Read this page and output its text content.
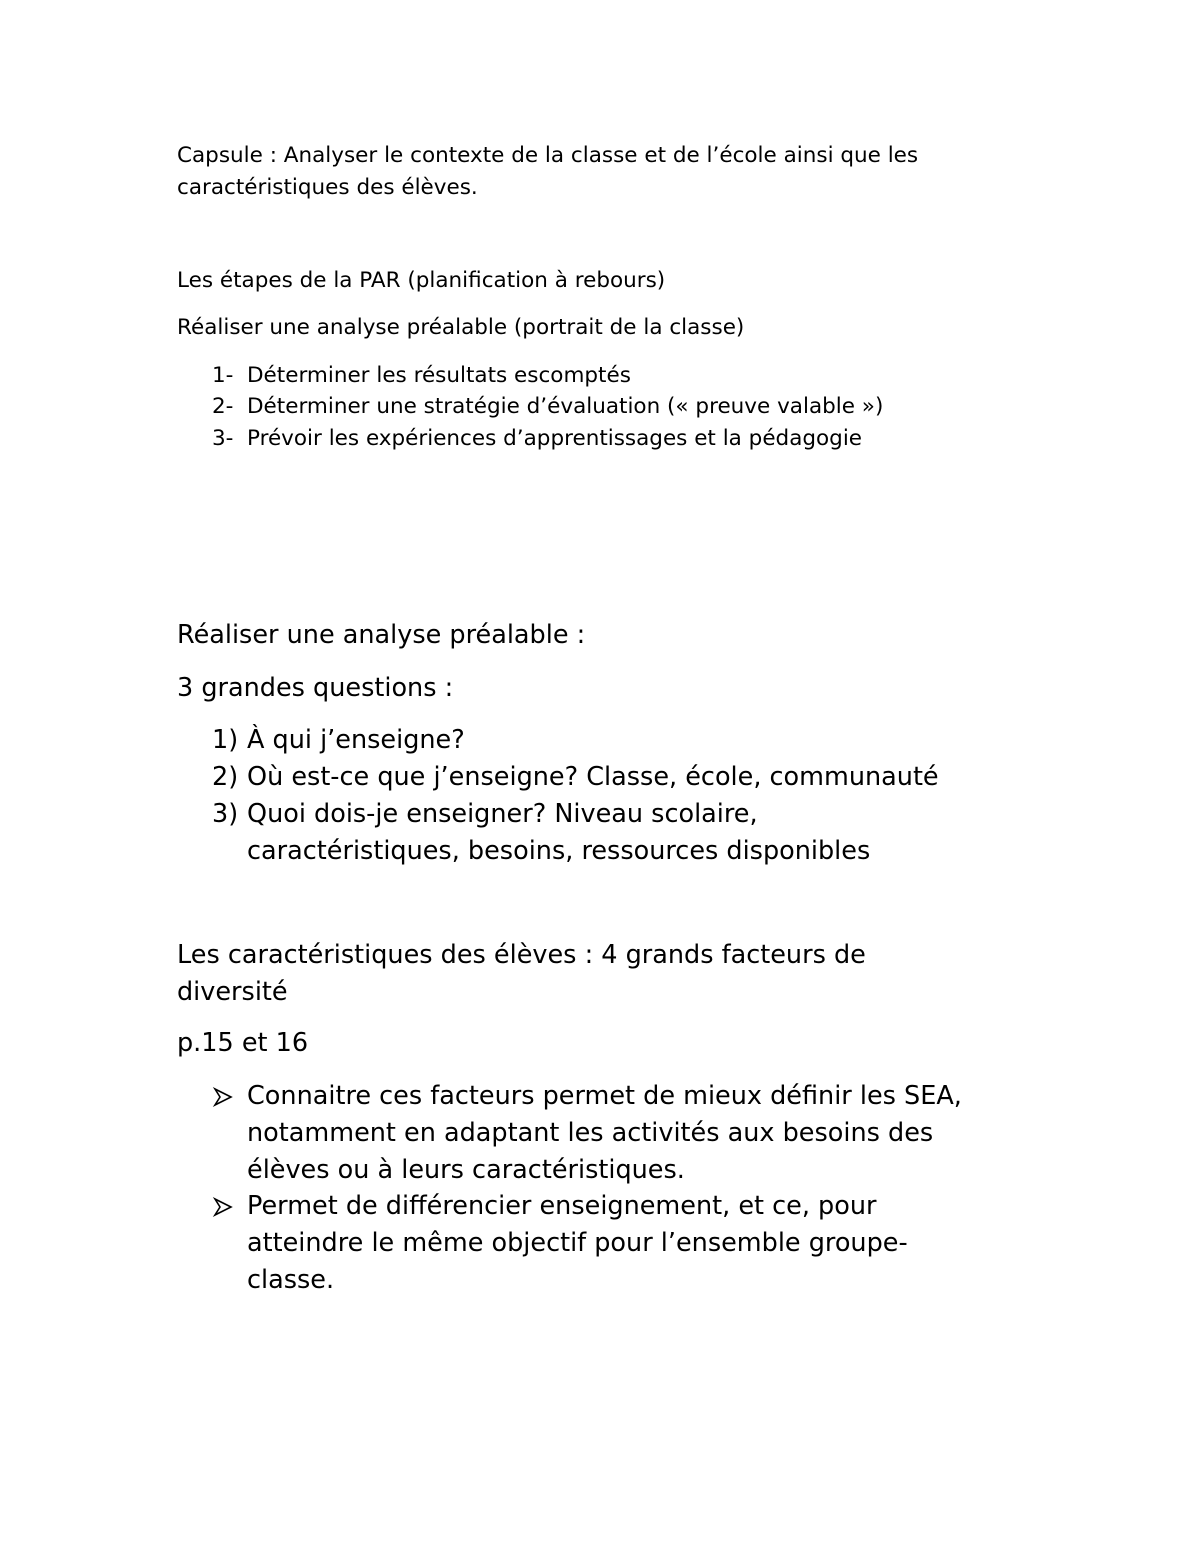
Capsule : Analyser le contexte de la classe et de l’école ainsi que les

caractéristiques des élèves.

Les étapes de la PAR (planification à rebours)

Réaliser une analyse préalable (portrait de la classe)

1- Déterminer les résultats escomptés
2- Déterminer une stratégie d’évaluation (« preuve valable »)
3- Prévoir les expériences d’apprentissages et la pédagogie

Réaliser une analyse préalable :

3 grandes questions :

1) À qui j’enseigne?
2) Où est-ce que j’enseigne? Classe, école, communauté
3) Quoi dois-je enseigner? Niveau scolaire,
caractéristiques, besoins, ressources disponibles

Les caractéristiques des élèves : 4 grands facteurs de

diversité

p.15 et 16

Connaitre ces facteurs permet de mieux définir les SEA,
notamment en adaptant les activités aux besoins des
élèves ou à leurs caractéristiques.
Permet de différencier enseignement, et ce, pour
atteindre le même objectif pour l’ensemble groupe-
classe.
